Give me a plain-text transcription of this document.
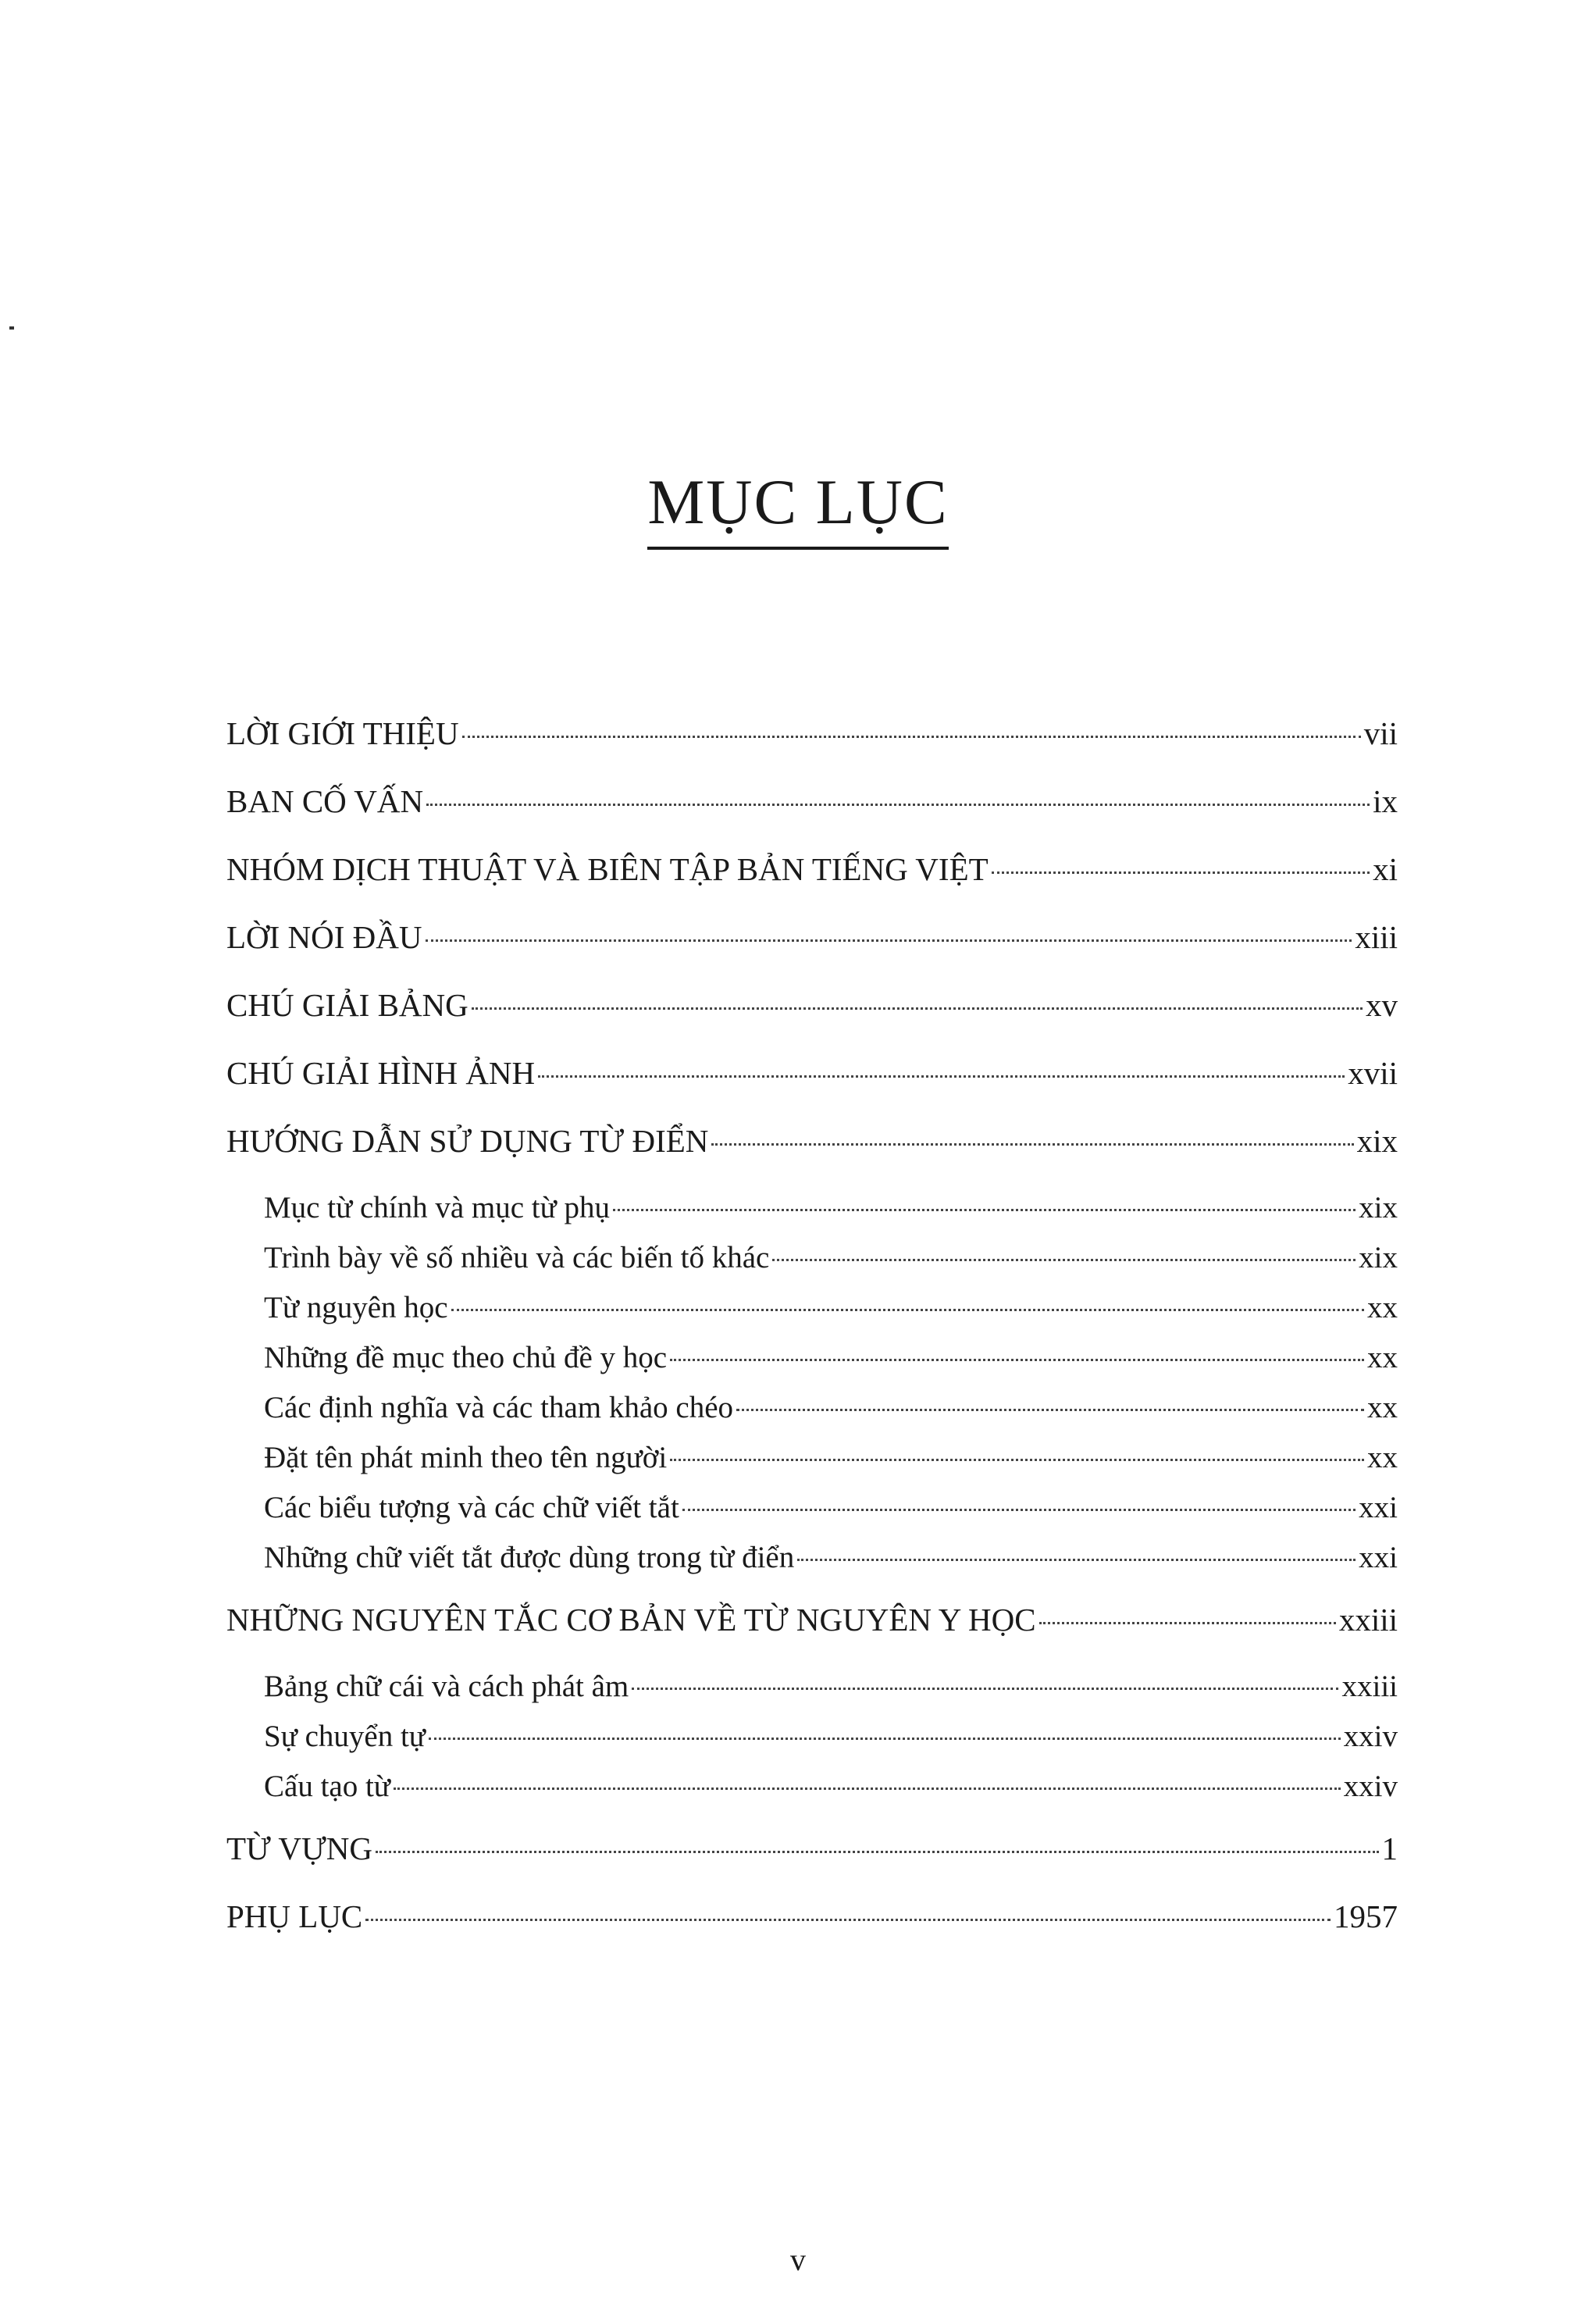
MỤC LỤC
LỜI GIỚI THIỆU	vii
BAN CỐ VẤN	ix
NHÓM DỊCH THUẬT VÀ BIÊN TẬP BẢN TIẾNG VIỆT	xi
LỜI NÓI ĐẦU	xiii
CHÚ GIẢI BẢNG	xv
CHÚ GIẢI HÌNH ẢNH	xvii
HƯỚNG DẪN SỬ DỤNG TỪ ĐIỂN	xix
Mục từ chính và mục từ phụ	xix
Trình bày về số nhiều và các biến tố khác	xix
Từ nguyên học	xx
Những đề mục theo chủ đề y học	xx
Các định nghĩa và các tham khảo chéo	xx
Đặt tên phát minh theo tên người	xx
Các biểu tượng và các chữ viết tắt	xxi
Những chữ viết tắt được dùng trong từ điển	xxi
NHỮNG NGUYÊN TẮC CƠ BẢN VỀ TỪ NGUYÊN Y HỌC	xxiii
Bảng chữ cái và cách phát âm	xxiii
Sự chuyển tự	xxiv
Cấu tạo từ	xxiv
TỪ VỰNG	1
PHỤ LỤC	1957
v
